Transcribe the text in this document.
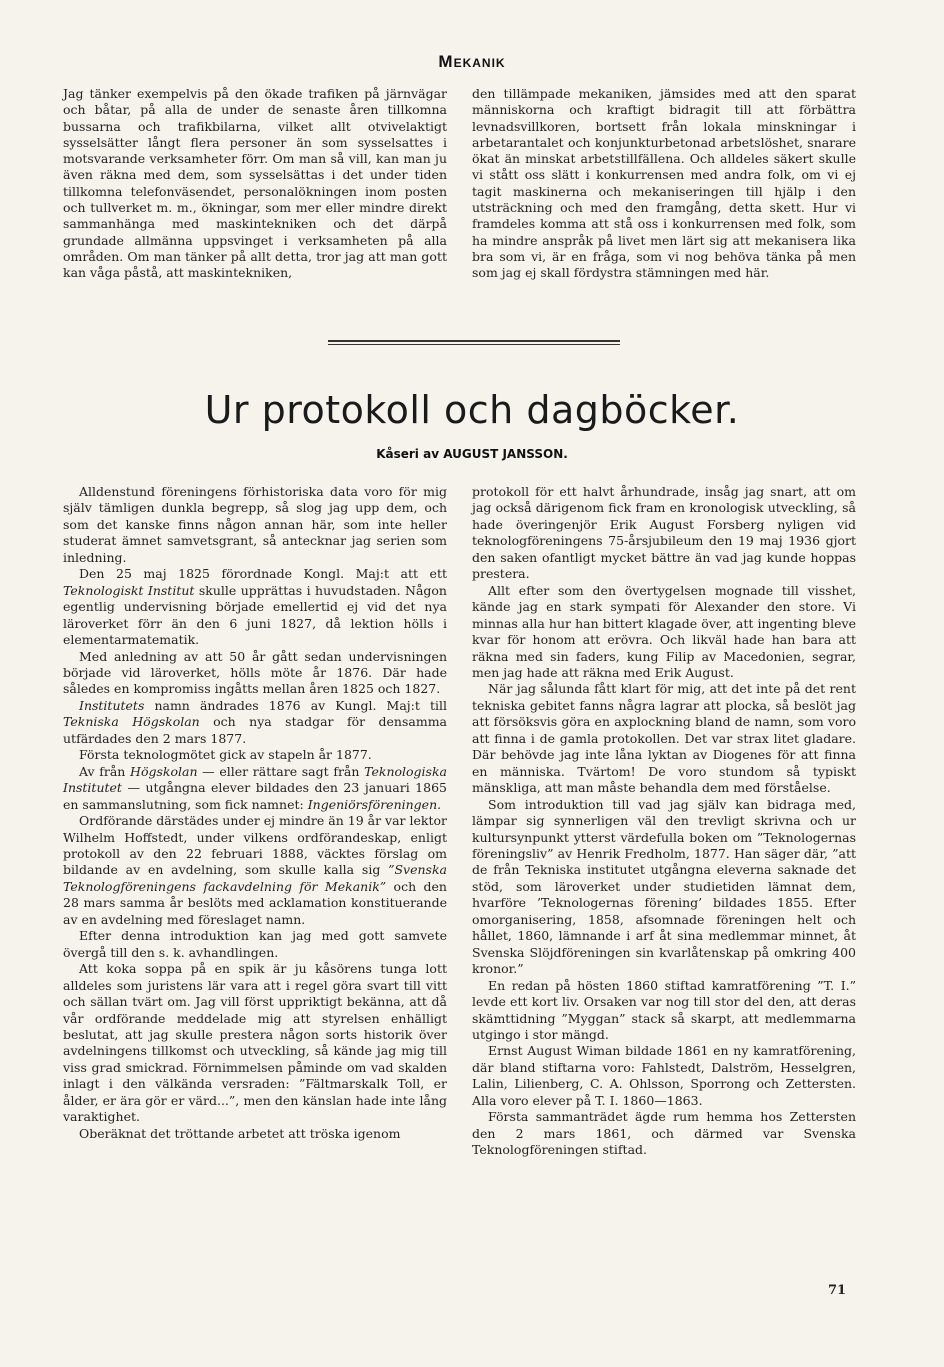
Mekanik

Jag tänker exempelvis på den ökade trafiken på järnvägar och båtar, på alla de under de senaste åren tillkomna bussarna och trafikbilarna, vilket allt otvivelaktigt sysselsätter långt flera personer än som sysselsattes i motsvarande verksamheter förr. Om man så vill, kan man ju även räkna med dem, som sysselsättas i det under tiden tillkomna telefonväsendet, personalökningen inom posten och tullverket m. m., ökningar, som mer eller mindre direkt sammanhänga med maskintekniken och det därpå grundade allmänna uppsvinget i verksamheten på alla områden. Om man tänker på allt detta, tror jag att man gott kan våga påstå, att maskintekniken,

den tillämpade mekaniken, jämsides med att den sparat människorna och kraftigt bidragit till att förbättra levnadsvillkoren, bortsett från lokala minskningar i arbetarantalet och konjunkturbetonad arbetslöshet, snarare ökat än minskat arbetstillfällena. Och alldeles säkert skulle vi stått oss slätt i konkurrensen med andra folk, om vi ej tagit maskinerna och mekaniseringen till hjälp i den utsträckning och med den framgång, detta skett. Hur vi framdeles komma att stå oss i konkurrensen med folk, som ha mindre anspråk på livet men lärt sig att mekanisera lika bra som vi, är en fråga, som vi nog behöva tänka på men som jag ej skall fördystra stämningen med här.

Ur protokoll och dagböcker.
Kåseri av AUGUST JANSSON.

Alldenstund föreningens förhistoriska data voro för mig själv tämligen dunkla begrepp, så slog jag upp dem, och som det kanske finns någon annan här, som inte heller studerat ämnet samvetsgrant, så antecknar jag serien som inledning.

Den 25 maj 1825 förordnade Kongl. Maj:t att ett Teknologiskt Institut skulle upprättas i huvudstaden. Någon egentlig undervisning började emellertid ej vid det nya läroverket förr än den 6 juni 1827, då lektion hölls i elementarmatematik.

Med anledning av att 50 år gått sedan undervisningen började vid läroverket, hölls möte år 1876. Där hade således en kompromiss ingåtts mellan åren 1825 och 1827.

Institutets namn ändrades 1876 av Kungl. Maj:t till Tekniska Högskolan och nya stadgar för densamma utfärdades den 2 mars 1877.

Första teknologmötet gick av stapeln år 1877.

Av från Högskolan — eller rättare sagt från Teknologiska Institutet — utgångna elever bildades den 23 januari 1865 en sammanslutning, som fick namnet: Ingeniörsföreningen.

Ordförande därstädes under ej mindre än 19 år var lektor Wilhelm Hoffstedt, under vilkens ordförandeskap, enligt protokoll av den 22 februari 1888, väcktes förslag om bildande av en avdelning, som skulle kalla sig ”Svenska Teknologföreningens fackavdelning för Mekanik” och den 28 mars samma år beslöts med acklamation konstituerande av en avdelning med föreslaget namn.

Efter denna introduktion kan jag med gott samvete övergå till den s. k. avhandlingen.

Att koka soppa på en spik är ju kåsörens tunga lott alldeles som juristens lär vara att i regel göra svart till vitt och sällan tvärt om. Jag vill först uppriktigt bekänna, att då vår ordförande meddelade mig att styrelsen enhälligt beslutat, att jag skulle prestera någon sorts historik över avdelningens tillkomst och utveckling, så kände jag mig till viss grad smickrad. Förnimmelsen påminde om vad skalden inlagt i den välkända versraden: ”Fältmarskalk Toll, er ålder, er ära gör er värd...”, men den känslan hade inte lång varaktighet.

Oberäknat det tröttande arbetet att tröska igenom

protokoll för ett halvt århundrade, insåg jag snart, att om jag också därigenom fick fram en kronologisk utveckling, så hade överingenjör Erik August Forsberg nyligen vid teknologföreningens 75-årsjubileum den 19 maj 1936 gjort den saken ofantligt mycket bättre än vad jag kunde hoppas prestera.

Allt efter som den övertygelsen mognade till visshet, kände jag en stark sympati för Alexander den store. Vi minnas alla hur han bittert klagade över, att ingenting bleve kvar för honom att erövra. Och likväl hade han bara att räkna med sin faders, kung Filip av Macedonien, segrar, men jag hade att räkna med Erik August.

När jag sålunda fått klart för mig, att det inte på det rent tekniska gebitet fanns några lagrar att plocka, så beslöt jag att försöksvis göra en axplockning bland de namn, som voro att finna i de gamla protokollen. Det var strax litet gladare. Där behövde jag inte låna lyktan av Diogenes för att finna en människa. Tvärtom! De voro stundom så typiskt mänskliga, att man måste behandla dem med förståelse.

Som introduktion till vad jag själv kan bidraga med, lämpar sig synnerligen väl den trevligt skrivna och ur kultursynpunkt ytterst värdefulla boken om ”Teknologernas föreningsliv” av Henrik Fredholm, 1877. Han säger där, ”att de från Tekniska institutet utgångna eleverna saknade det stöd, som läroverket under studietiden lämnat dem, hvarföre ’Teknologernas förening’ bildades 1855. Efter omorganisering, 1858, afsomnade föreningen helt och hållet, 1860, lämnande i arf åt sina medlemmar minnet, åt Svenska Slöjdföreningen sin kvarlåtenskap på omkring 400 kronor.”

En redan på hösten 1860 stiftad kamratförening ”T. I.” levde ett kort liv. Orsaken var nog till stor del den, att deras skämttidning ”Myggan” stack så skarpt, att medlemmarna utgingo i stor mängd.

Ernst August Wiman bildade 1861 en ny kamratförening, där bland stiftarna voro: Fahlstedt, Dalström, Hesselgren, Lalin, Lilienberg, C. A. Ohlsson, Sporrong och Zettersten. Alla voro elever på T. I. 1860—1863.

Första sammanträdet ägde rum hemma hos Zettersten den 2 mars 1861, och därmed var Svenska Teknologföreningen stiftad.

71
